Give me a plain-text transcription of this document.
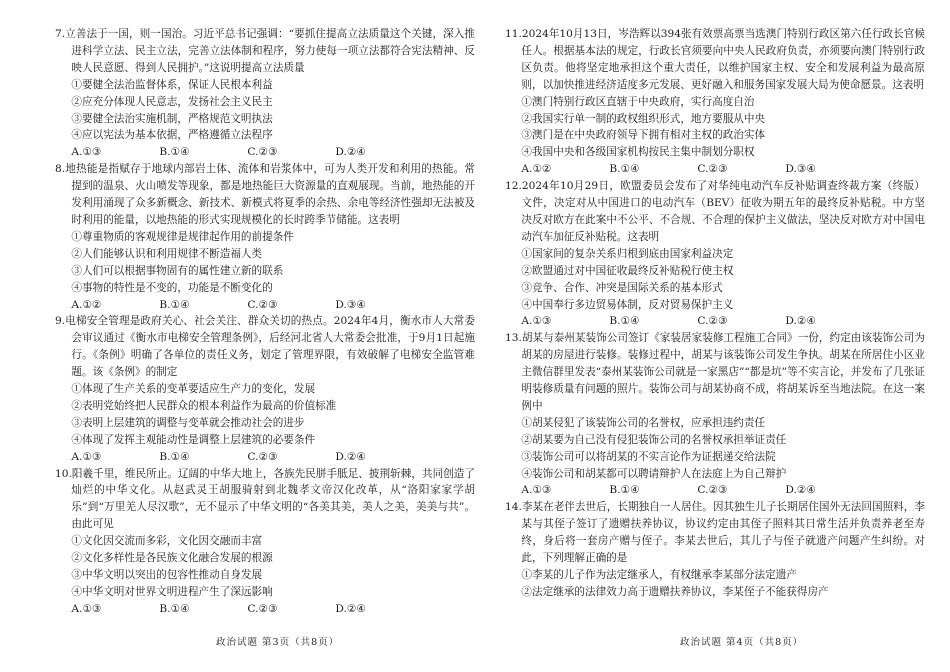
7.立善法于一国，则一国治。习近平总书记强调：“要抓住提高立法质量这个关键，深入推进科学立法、民主立法，完善立法体制和程序，努力使每一项立法都符合宪法精神、反映人民意愿、得到人民拥护。”这说明提高立法质量
①要健全法治监督体系，保证人民根本利益
②应充分体现人民意志，发扬社会主义民主
③要健全法治实施机制，严格规范文明执法
④应以宪法为基本依据，严格遵循立法程序
A.①③	B.①④	C.②③	D.②④
8.地热能是指赋存于地球内部岩土体、流体和岩浆体中，可为人类开发和利用的热能。常提到的温泉、火山喷发等现象，都是地热能巨大资源量的直观展现。当前，地热能的开发利用涌现了众多新概念、新技术、新模式将夏季的余热、余电等经济性强却无法被及时利用的能量，以地热能的形式实现规模化的长时跨季节储能。这表明
①尊重物质的客观规律是规律起作用的前提条件
②人们能够认识和利用规律不断造福人类
③人们可以根据事物固有的属性建立新的联系
④事物的特性是不变的，功能是不断变化的
A.①②	B.①④	C.②③	D.③④
9.电梯安全管理是政府关心、社会关注、群众关切的热点。2024年4月，衡水市人大常委会审议通过《衡水市电梯安全管理条例》，后经河北省人大常委会批准，于9月1日起施行。《条例》明确了各单位的责任义务，划定了管理界限，有效破解了电梯安全监管难题。该《条例》的制定
①体现了生产关系的变革要适应生产力的变化，发展
②表明党始终把人民群众的根本利益作为最高的价值标准
③表明上层建筑的调整与变革就会推动社会的进步
④体现了发挥主观能动性是调整上层建筑的必要条件
A.①③	B.①④	C.②③	D.②④
10.阳羲千里，维民所止。辽阔的中华大地上，各族先民胼手胝足、披荆斩棘，共同创造了灿烂的中华文化。从赵武灵王胡服骑射到北魏孝文帝汉化改革，从“洛阳家家学胡乐”到“万里羌人尽汉歌”，无不显示了中华文明的“各美其美，美人之美，美美与共”。由此可见
①文化因交流而多彩，文化因交融而丰富
②文化多样性是各民族文化融合发展的根源
③中华文明以突出的包容性推动自身发展
④中华文明对世界文明进程产生了深远影响
A.①③	B.①④	C.②③	D.②④
11.2024年10月13日，岑浩辉以394张有效票高票当选澳门特别行政区第六任行政长官候任人。根据基本法的规定，行政长官须要向中央人民政府负责，亦须要向澳门特别行政区负责。他将坚定地承担这个重大责任，以维护国家主权、安全和发展利益为最高原则，以加快推进经济适度多元发展、更好融入和服务国家发展大局为使命愿景。这表明
①澳门特别行政区直辖于中央政府，实行高度自治
②我国实行单一制的政权组织形式，地方要服从中央
③澳门是在中央政府领导下拥有相对主权的政治实体
④我国中央和各级国家机构按民主集中制划分职权
A.①②	B.①④	C.②③	D.③④
12.2024年10月29日，欧盟委员会发布了对华纯电动汽车反补贴调查终裁方案（终版）文件，决定对从中国进口的电动汽车（BEV）征收为期五年的最终反补贴税。中方坚决反对欧方在此案中不公平、不合规、不合理的保护主义做法，坚决反对欧方对中国电动汽车加征反补贴税。这表明
①国家间的复杂关系归根到底由国家利益决定
②欧盟通过对中国征收最终反补贴税行使主权
③竞争、合作、冲突是国际关系的基本形式
④中国奉行多边贸易体制，反对贸易保护主义
A.①③	B.①④	C.②③	D.②④
13.胡某与泰州某装饰公司签订《家装居家装修工程施工合同》一份，约定由该装饰公司为胡某的房屋进行装修。装修过程中，胡某与该装饰公司发生争执。胡某在所居住小区业主微信群里发表“泰州某装饰公司就是一家黑店”“都是坑”等不实言论，并发布了几张证明装修质量有问题的照片。装饰公司与胡某协商不成，将胡某诉至当地法院。在这一案例中
①胡某侵犯了该装饰公司的名誉权，应承担违约责任
②胡某要为自己没有侵犯装饰公司的名誉权承担举证责任
③装饰公司可以将胡某的不实言论作为证据递交给法院
④装饰公司和胡某都可以聘请辩护人在法庭上为自己辩护
A.①③	B.①④	C.②③	D.②④
14.李某在老伴去世后，长期独自一人居住。因其独生儿子长期居住国外无法回国照料，李某与其侄子签订了遗赠扶养协议，协议约定由其侄子照料其日常生活并负责养老至寿终，身后将一套房产赠与侄子。李某去世后，其儿子与侄子就遗产问题产生纠纷。对此，下列理解正确的是
①李某的儿子作为法定继承人，有权继承李某部分法定遗产
②法定继承的法律效力高于遗赠扶养协议，李某侄子不能获得房产
政治试题 第3页（共8页）	政治试题 第4页（共8页）
